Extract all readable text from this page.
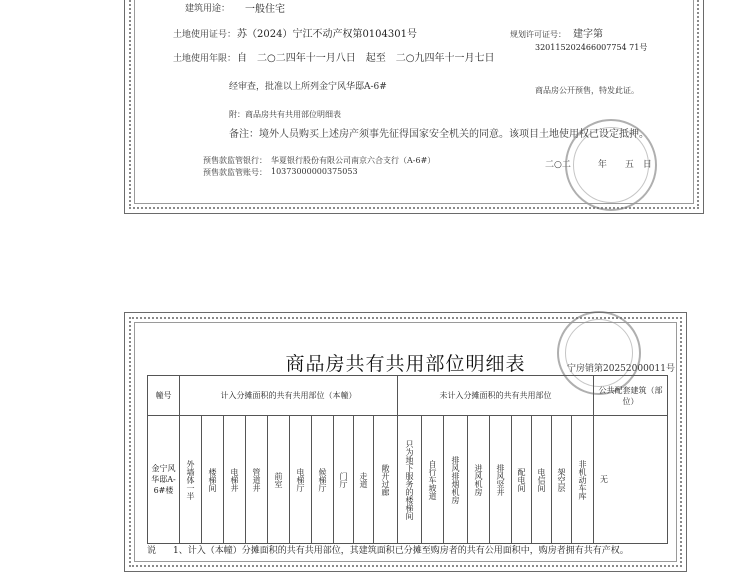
建筑用途： 一般住宅
土地使用证号： 苏（2024）宁江不动产权第0104301号	规划许可证号： 建字第
320115202466007754 71号
土地使用年限： 自　二○二四年十一月八日　起至　二○九四年十一月七日
经审查，批准以上所列金宁风华邸A-6#	商品房公开预售，特发此证。
附：商品房共有共用部位明细表
备注：境外人员购买上述房产须事先征得国家安全机关的同意。该项目土地使用权已设定抵押。
预售款监管银行： 华夏银行股份有限公司南京六合支行（A-6#）
预售款监管账号： 10373000000375053
二○二　　　年　　五　日
商品房共有共用部位明细表	宁房销第20252000011号
幢号	计入分摊面积的共有共用部位（本幢）	未计入分摊面积的共有共用部位
公共配套建筑（部位）
金宁风华邸A-6#楼	外墙体一半	楼梯间	电梯井	管道井	前室	电梯厅	候梯厅	门厅	走道	敞开过廊	只为地下服务的楼梯间	自行车坡道	排风排烟机房	进风机房	排风竖井	配电间	电信间	架空层	非机动车库	无
说 1、计入（本幢）分摊面积的共有共用部位，其建筑面积已分摊至购房者的共有公用面积中，购房者拥有共有产权。
